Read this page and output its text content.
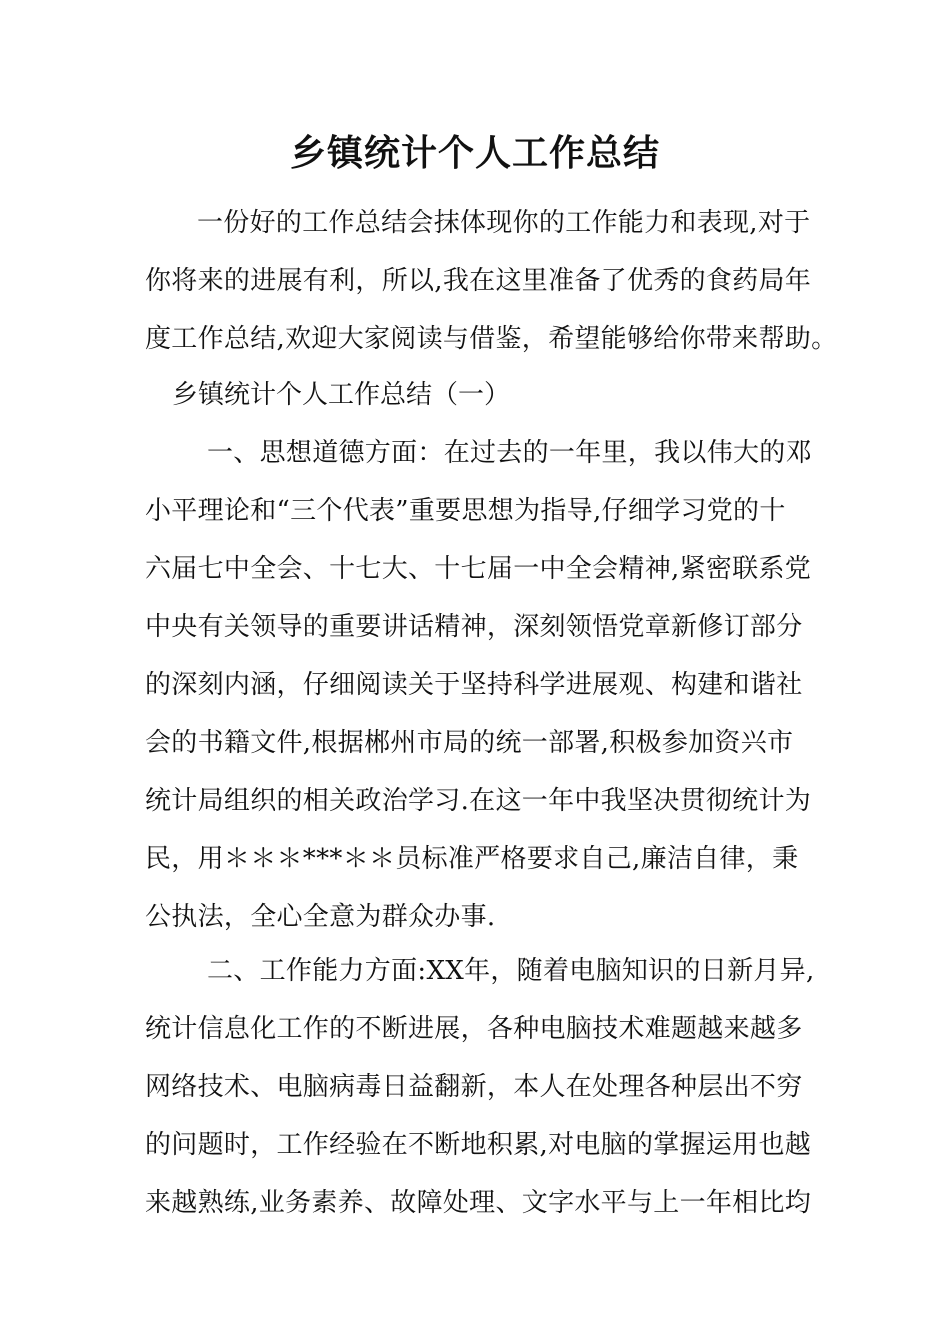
乡镇统计个人工作总结
一份好的工作总结会抹体现你的工作能力和表现,对于
你将来的进展有利，所以,我在这里准备了优秀的食药局年
度工作总结,欢迎大家阅读与借鉴，希望能够给你带来帮助。
乡镇统计个人工作总结（一）
一、思想道德方面：在过去的一年里，我以伟大的邓
小平理论和“三个代表”重要思想为指导,仔细学习党的十
六届七中全会、十七大、十七届一中全会精神,紧密联系党
中央有关领导的重要讲话精神，深刻领悟党章新修订部分
的深刻内涵，仔细阅读关于坚持科学进展观、构建和谐社
会的书籍文件,根据郴州市局的统一部署,积极参加资兴市
统计局组织的相关政治学习.在这一年中我坚决贯彻统计为
民，用＊＊＊***＊＊员标准严格要求自己,廉洁自律，秉
公执法，全心全意为群众办事.
二、工作能力方面:XX年，随着电脑知识的日新月异,
统计信息化工作的不断进展，各种电脑技术难题越来越多
网络技术、电脑病毒日益翻新，本人在处理各种层出不穷
的问题时，工作经验在不断地积累,对电脑的掌握运用也越
来越熟练,业务素养、故障处理、文字水平与上一年相比均
